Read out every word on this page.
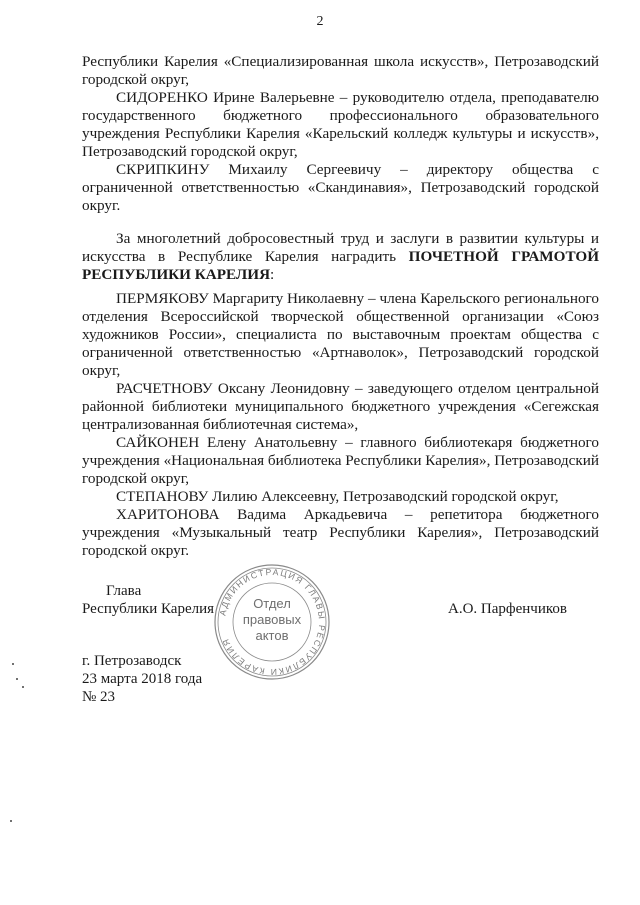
2

Республики Карелия «Специализированная школа искусств», Петрозаводский городской округ,

СИДОРЕНКО Ирине Валерьевне – руководителю отдела, преподавателю государственного бюджетного профессионального образовательного учреждения Республики Карелия «Карельский колледж культуры и искусств», Петрозаводский городской округ,

СКРИПКИНУ Михаилу Сергеевичу – директору общества с ограниченной ответственностью «Скандинавия», Петрозаводский городской округ.

За многолетний добросовестный труд и заслуги в развитии культуры и искусства в Республике Карелия наградить ПОЧЕТНОЙ ГРАМОТОЙ РЕСПУБЛИКИ КАРЕЛИЯ:

ПЕРМЯКОВУ Маргариту Николаевну – члена Карельского регионального отделения Всероссийской творческой общественной организации «Союз художников России», специалиста по выставочным проектам общества с ограниченной ответственностью «Артнаволок», Петрозаводский городской округ,

РАСЧЕТНОВУ Оксану Леонидовну – заведующего отделом центральной районной библиотеки муниципального бюджетного учреждения «Сегежская централизованная библиотечная система»,

САЙКОНЕН Елену Анатольевну – главного библиотекаря бюджетного учреждения «Национальная библиотека Республики Карелия», Петрозаводский городской округ,

СТЕПАНОВУ Лилию Алексеевну, Петрозаводский городской округ,

ХАРИТОНОВА Вадима Аркадьевича – репетитора бюджетного учреждения «Музыкальный театр Республики Карелия», Петрозаводский городской округ.

Глава
Республики Карелия	А.О. Парфенчиков
АДМИНИСТРАЦИЯ ГЛАВЫ РЕСПУБЛИКИ КАРЕЛИЯ
Отдел
правовых
актов
г. Петрозаводск
23 марта 2018 года
№ 23
